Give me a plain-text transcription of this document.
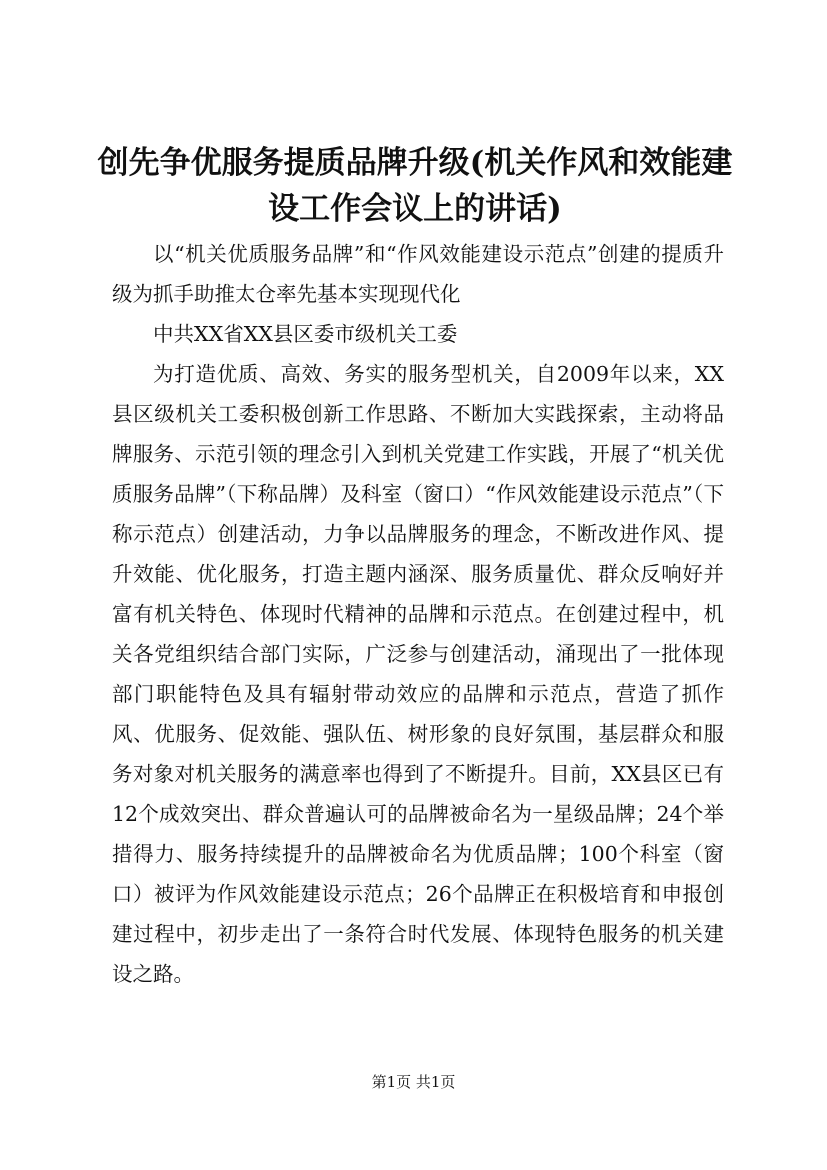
创先争优服务提质品牌升级(机关作风和效能建设工作会议上的讲话)

以“机关优质服务品牌”和“作风效能建设示范点”创建的提质升级为抓手助推太仓率先基本实现现代化

中共XX省XX县区委市级机关工委

为打造优质、高效、务实的服务型机关，自2009年以来，XX县区级机关工委积极创新工作思路、不断加大实践探索，主动将品牌服务、示范引领的理念引入到机关党建工作实践，开展了“机关优质服务品牌”（下称品牌）及科室（窗口）“作风效能建设示范点”（下称示范点）创建活动，力争以品牌服务的理念，不断改进作风、提升效能、优化服务，打造主题内涵深、服务质量优、群众反响好并富有机关特色、体现时代精神的品牌和示范点。在创建过程中，机关各党组织结合部门实际，广泛参与创建活动，涌现出了一批体现部门职能特色及具有辐射带动效应的品牌和示范点，营造了抓作风、优服务、促效能、强队伍、树形象的良好氛围，基层群众和服务对象对机关服务的满意率也得到了不断提升。目前，XX县区已有12个成效突出、群众普遍认可的品牌被命名为一星级品牌；24个举措得力、服务持续提升的品牌被命名为优质品牌；100个科室（窗口）被评为作风效能建设示范点；26个品牌正在积极培育和申报创建过程中，初步走出了一条符合时代发展、体现特色服务的机关建设之路。

第1页 共1页
